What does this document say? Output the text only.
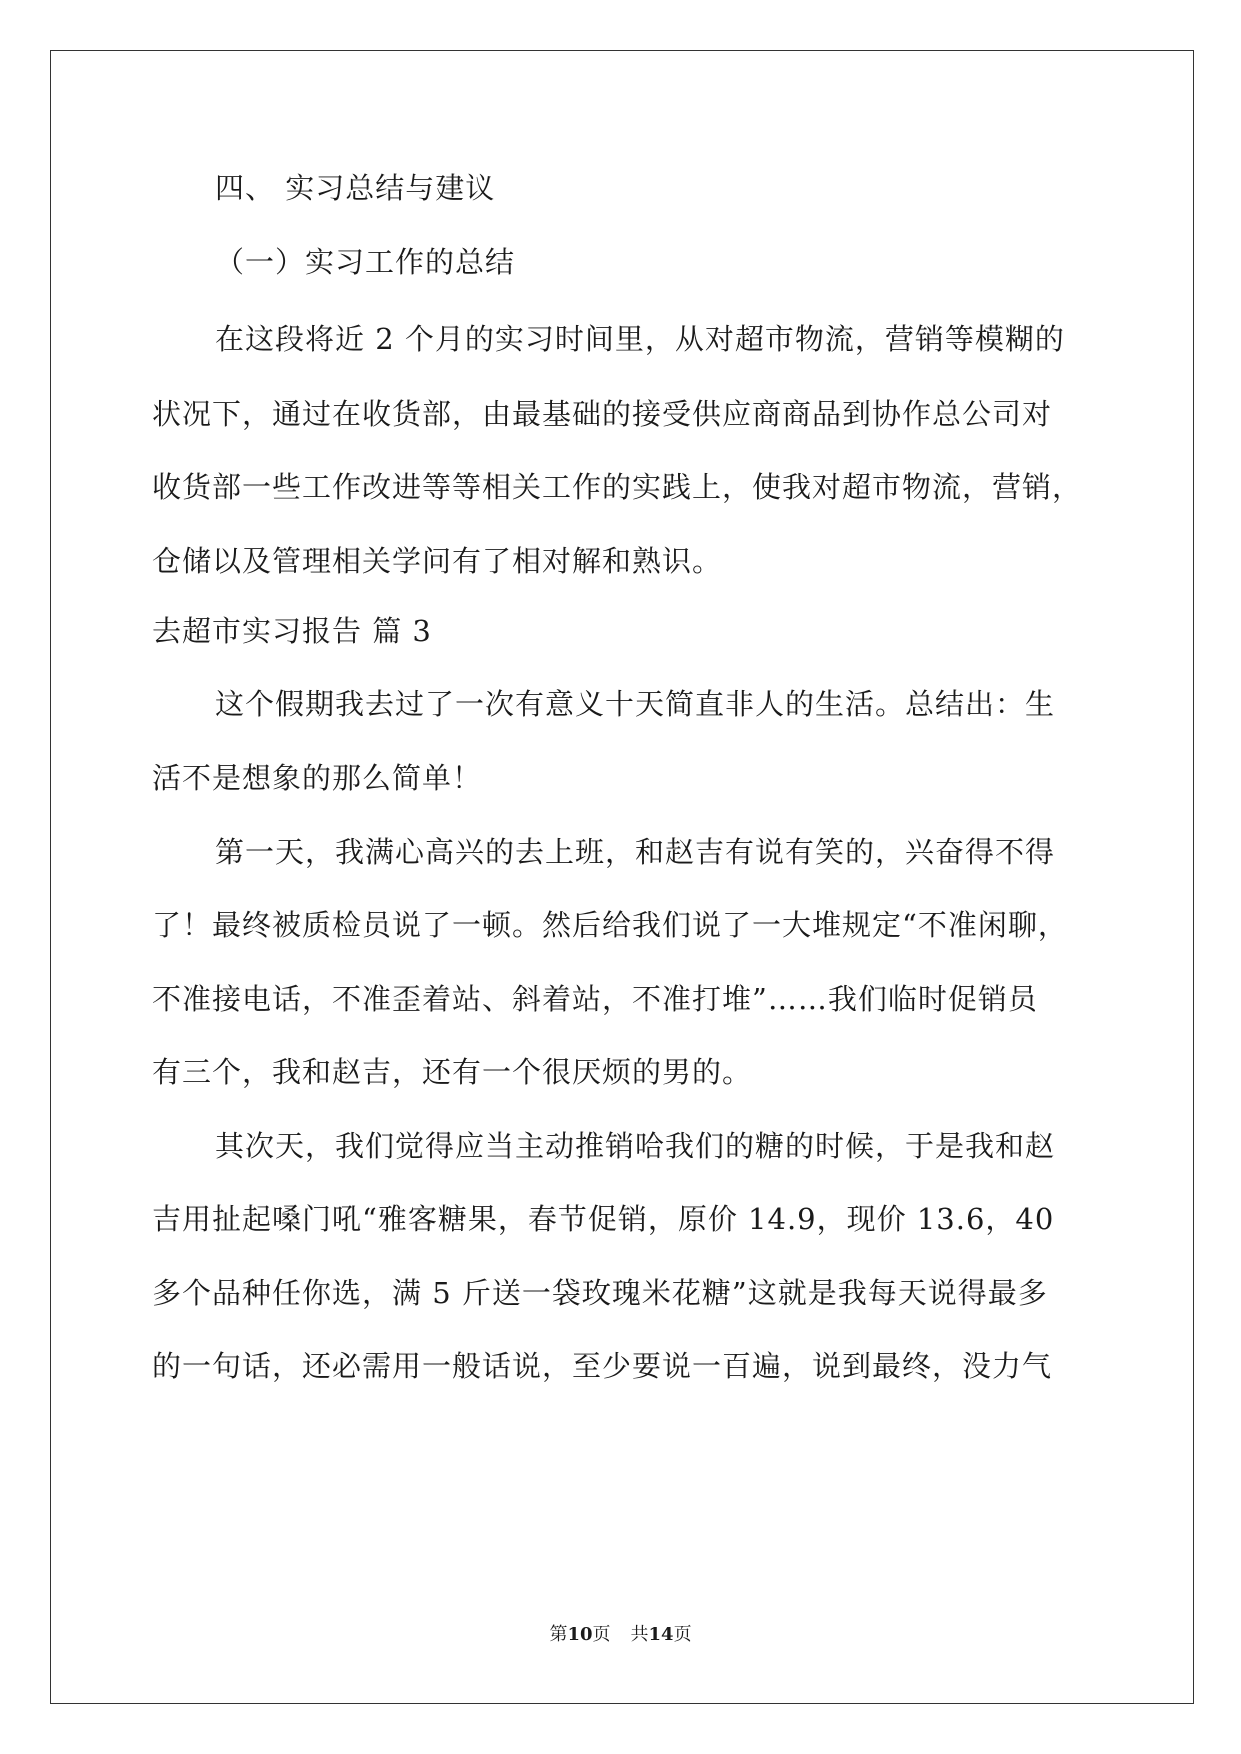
四、 实习总结与建议
（一）实习工作的总结
在这段将近 2 个月的实习时间里，从对超市物流，营销等模糊的
状况下，通过在收货部，由最基础的接受供应商商品到协作总公司对
收货部一些工作改进等等相关工作的实践上，使我对超市物流，营销，
仓储以及管理相关学问有了相对解和熟识。
去超市实习报告 篇 3
这个假期我去过了一次有意义十天简直非人的生活。总结出：生
活不是想象的那么简单！
第一天，我满心高兴的去上班，和赵吉有说有笑的，兴奋得不得
了！最终被质检员说了一顿。然后给我们说了一大堆规定“不准闲聊，
不准接电话，不准歪着站、斜着站，不准打堆”……我们临时促销员
有三个，我和赵吉，还有一个很厌烦的男的。
其次天，我们觉得应当主动推销哈我们的糖的时候，于是我和赵
吉用扯起嗓门吼“雅客糖果，春节促销，原价 14.9，现价 13.6，40
多个品种任你选，满 5 斤送一袋玫瑰米花糖”这就是我每天说得最多
的一句话，还必需用一般话说，至少要说一百遍，说到最终，没力气
第10页 共14页
